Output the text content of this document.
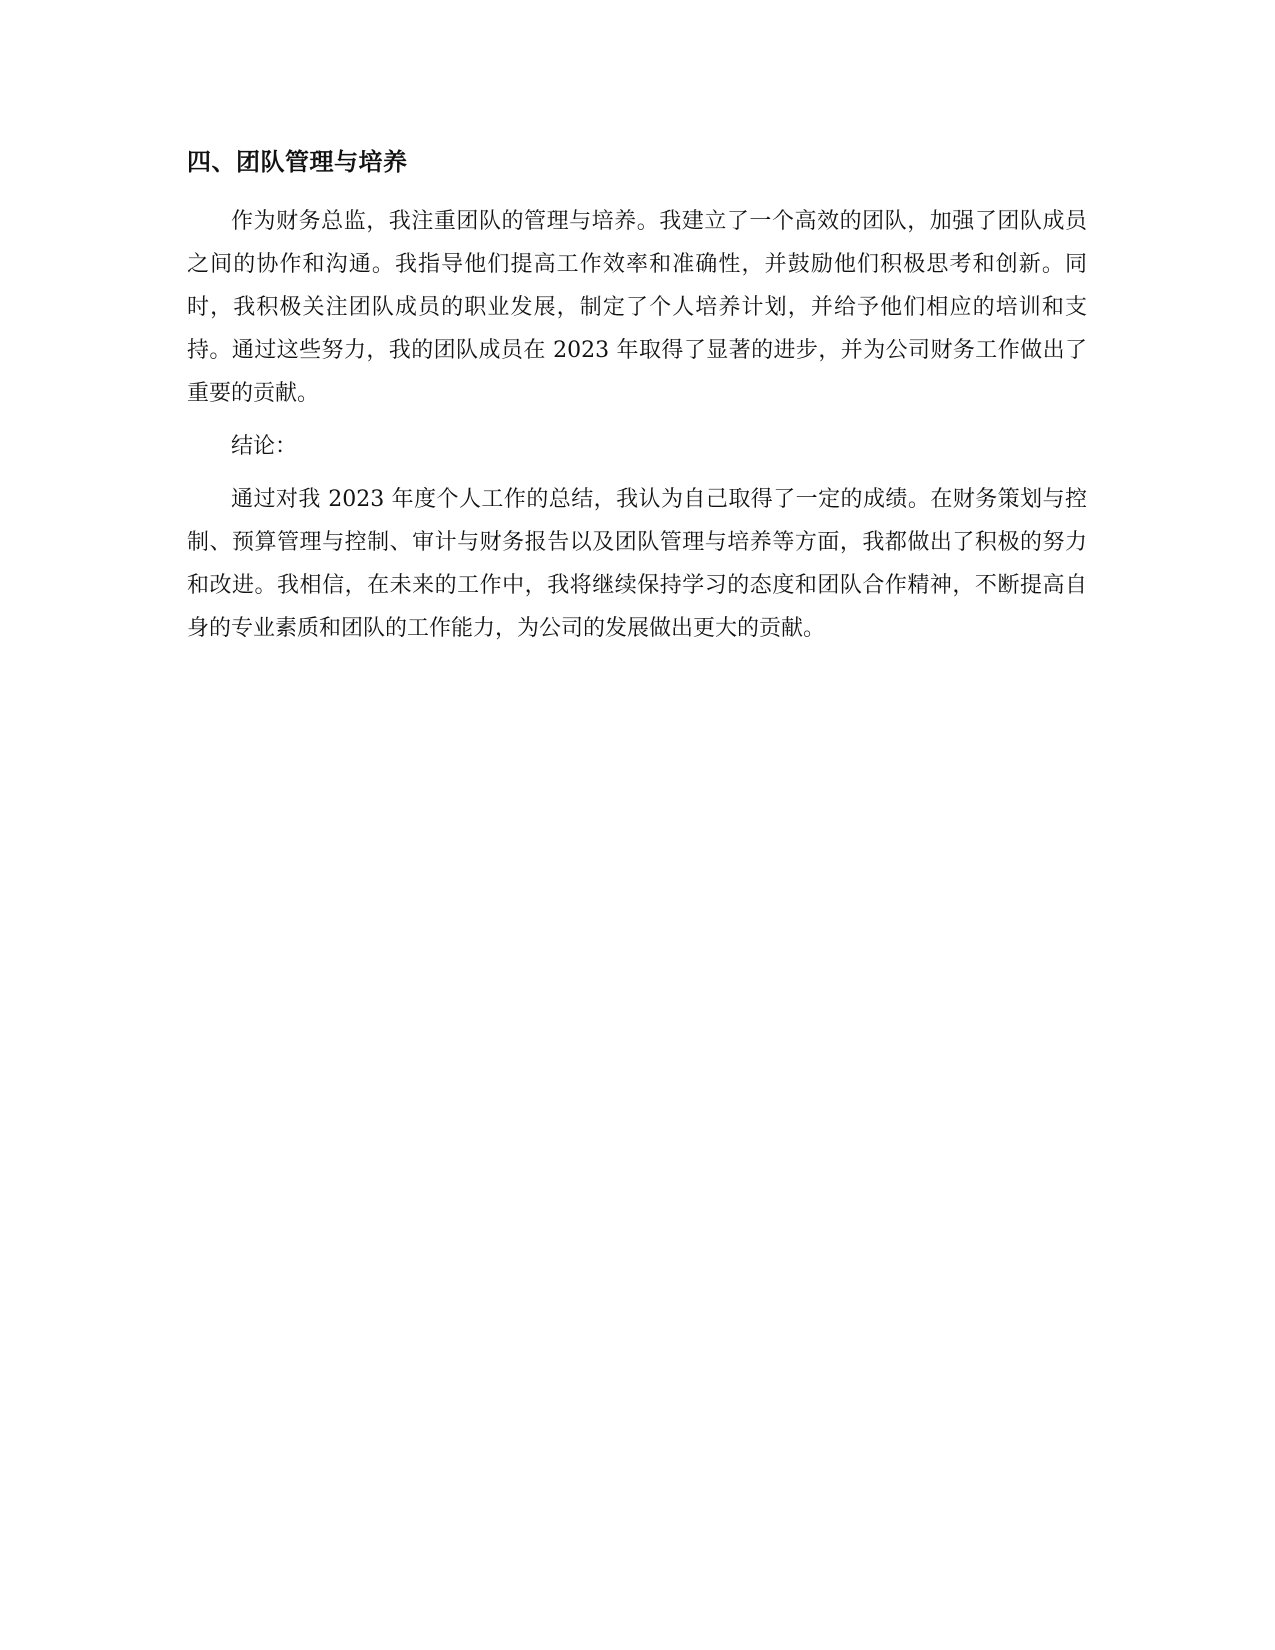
四、团队管理与培养

作为财务总监，我注重团队的管理与培养。我建立了一个高效的团队，加强了团队成员之间的协作和沟通。我指导他们提高工作效率和准确性，并鼓励他们积极思考和创新。同时，我积极关注团队成员的职业发展，制定了个人培养计划，并给予他们相应的培训和支持。通过这些努力，我的团队成员在 2023 年取得了显著的进步，并为公司财务工作做出了重要的贡献。

结论：

通过对我 2023 年度个人工作的总结，我认为自己取得了一定的成绩。在财务策划与控制、预算管理与控制、审计与财务报告以及团队管理与培养等方面，我都做出了积极的努力和改进。我相信，在未来的工作中，我将继续保持学习的态度和团队合作精神，不断提高自身的专业素质和团队的工作能力，为公司的发展做出更大的贡献。
